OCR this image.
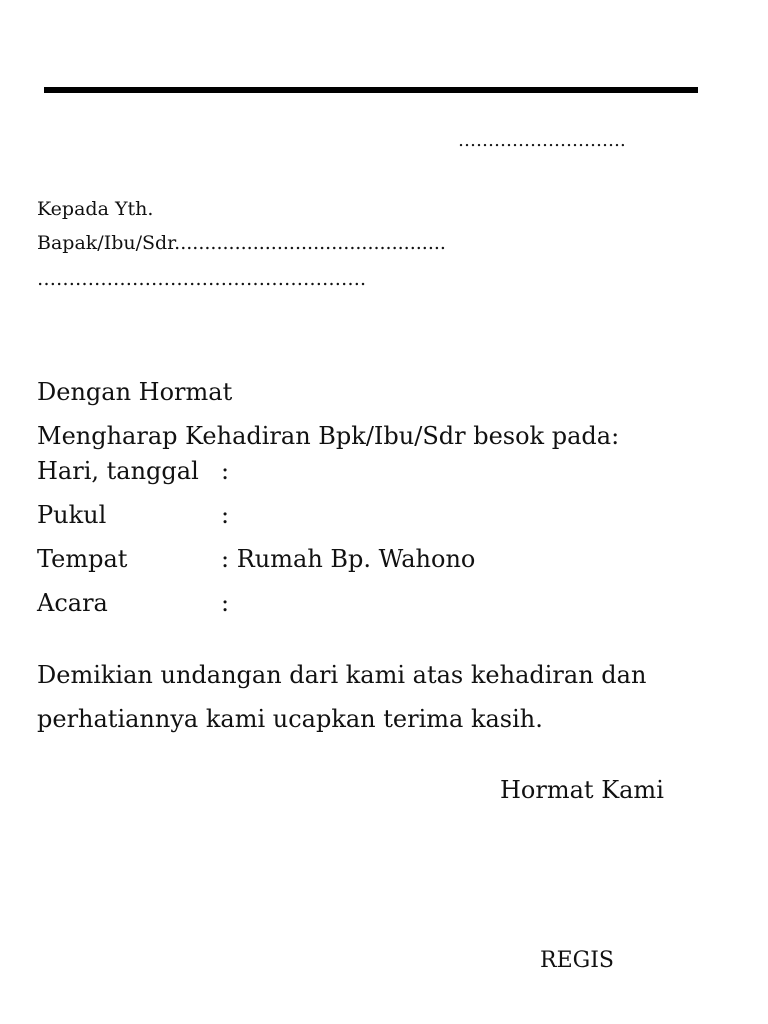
……………………….

Kepada Yth.

Bapak/Ibu/Sdr.............................................

…………………………………………….

Dengan Hormat

Mengharap Kehadiran Bpk/Ibu/Sdr besok pada:

Hari, tanggal :
Pukul	:
Tempat	: Rumah Bp. Wahono
Acara	:

Demikian undangan dari kami atas kehadiran dan

perhatiannya kami ucapkan terima kasih.

Hormat Kami

REGIS
